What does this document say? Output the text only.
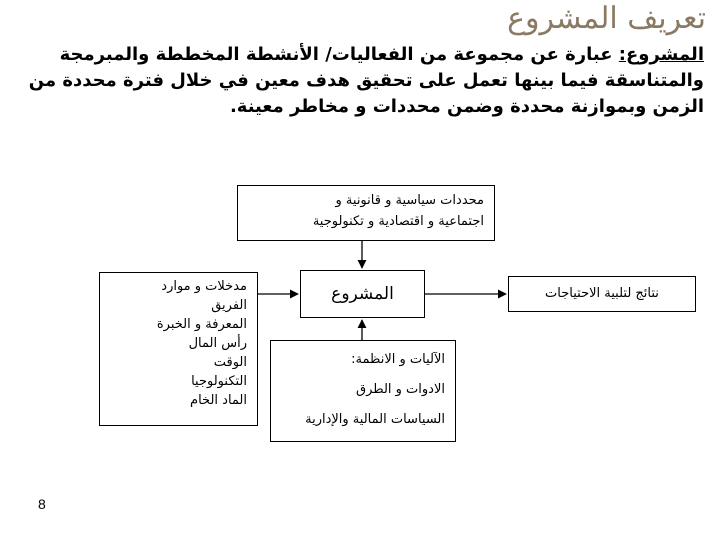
تعريف المشروع
المشروع: عبارة عن مجموعة من الفعاليات/ الأنشطة المخططة والمبرمجة والمتناسقة فيما بينها تعمل على تحقيق هدف معين في خلال فترة محددة من الزمن وبموازنة محددة وضمن محددات و مخاطر معينة.
محددات سياسية و قانونية و
اجتماعية و اقتصادية و تكنولوجية
مدخلات و موارد
الفريق
المعرفة و الخبرة
رأس المال
الوقت
التكنولوجيا
الماد الخام
المشروع
الآليات و الانظمة:
الادوات و الطرق
السياسات المالية والإدارية
نتائج لتلبية الاحتياجات
8
